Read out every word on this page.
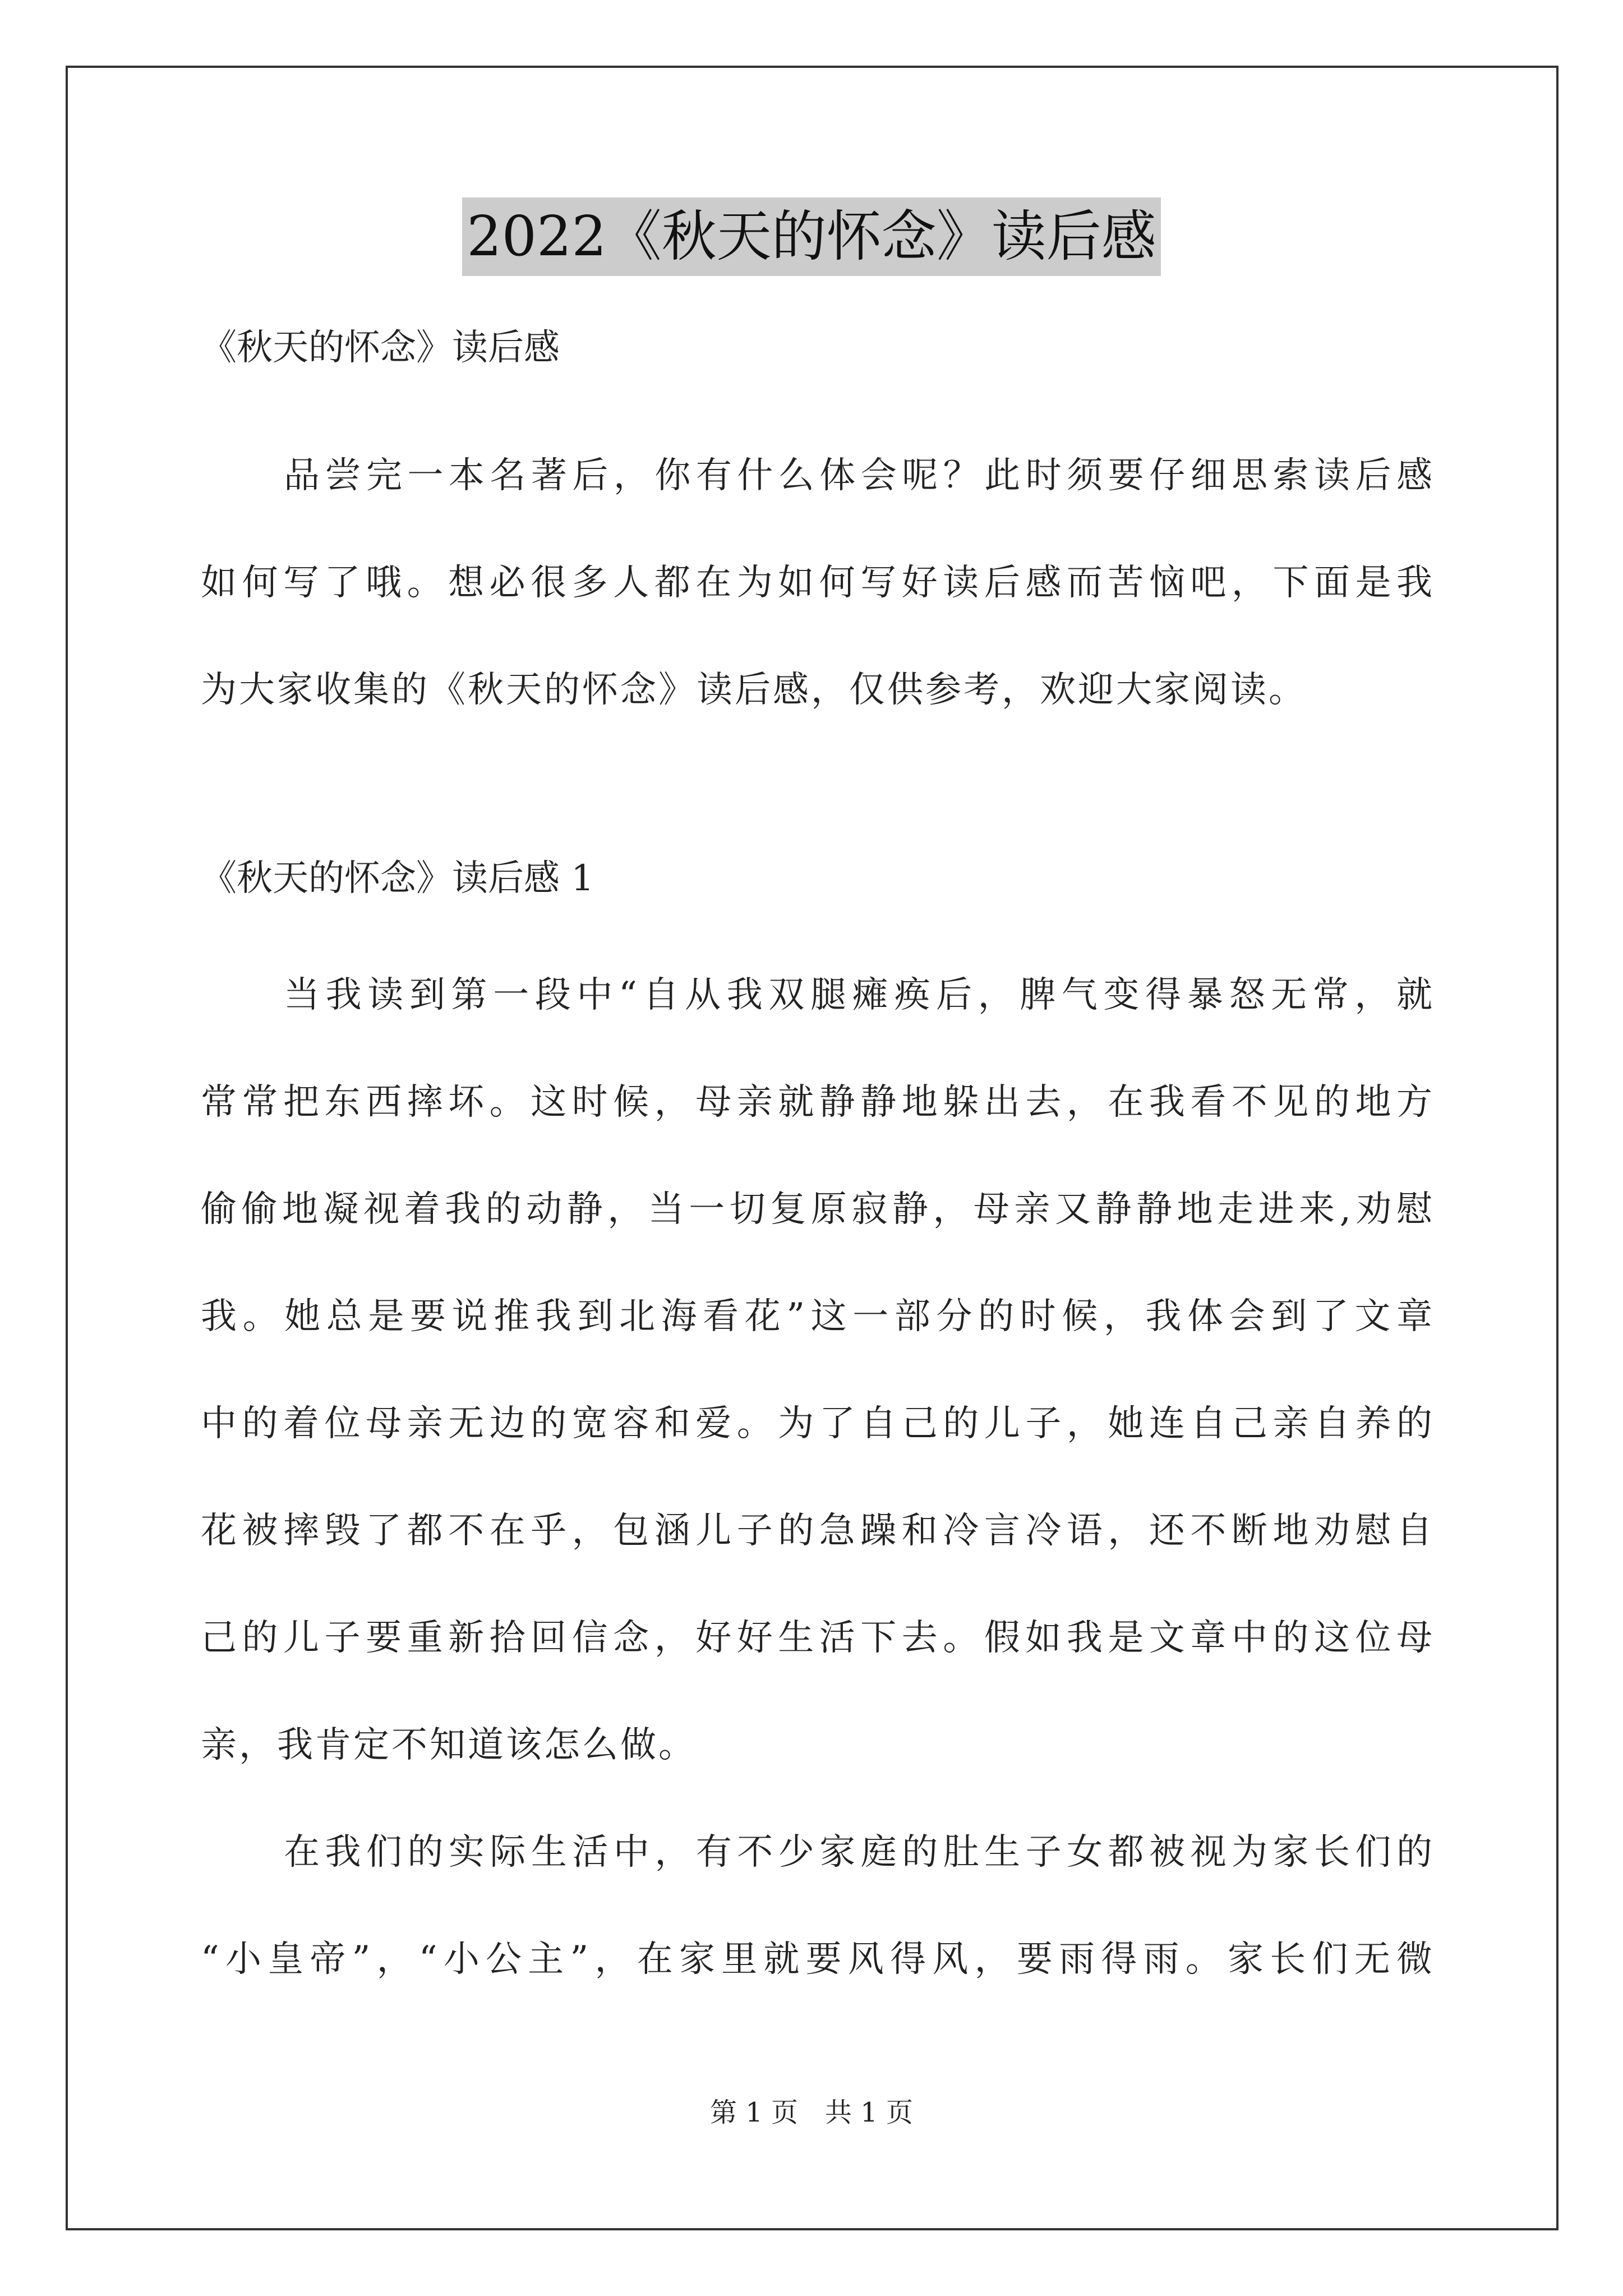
2022《秋天的怀念》读后感

《秋天的怀念》读后感

品尝完一本名著后，你有什么体会呢？此时须要仔细思索读后感
如何写了哦。想必很多人都在为如何写好读后感而苦恼吧，下面是我
为大家收集的《秋天的怀念》读后感，仅供参考，欢迎大家阅读。

《秋天的怀念》读后感 1

当我读到第一段中“自从我双腿瘫痪后，脾气变得暴怒无常，就
常常把东西摔坏。这时候，母亲就静静地躲出去，在我看不见的地方
偷偷地凝视着我的动静，当一切复原寂静，母亲又静静地走进来,劝慰
我。她总是要说推我到北海看花”这一部分的时候，我体会到了文章
中的着位母亲无边的宽容和爱。为了自己的儿子，她连自己亲自养的
花被摔毁了都不在乎，包涵儿子的急躁和冷言冷语，还不断地劝慰自
己的儿子要重新拾回信念，好好生活下去。假如我是文章中的这位母
亲，我肯定不知道该怎么做。

在我们的实际生活中，有不少家庭的肚生子女都被视为家长们的
“小皇帝”，“小公主”，在家里就要风得风，要雨得雨。家长们无微

第 1 页　共 1 页
